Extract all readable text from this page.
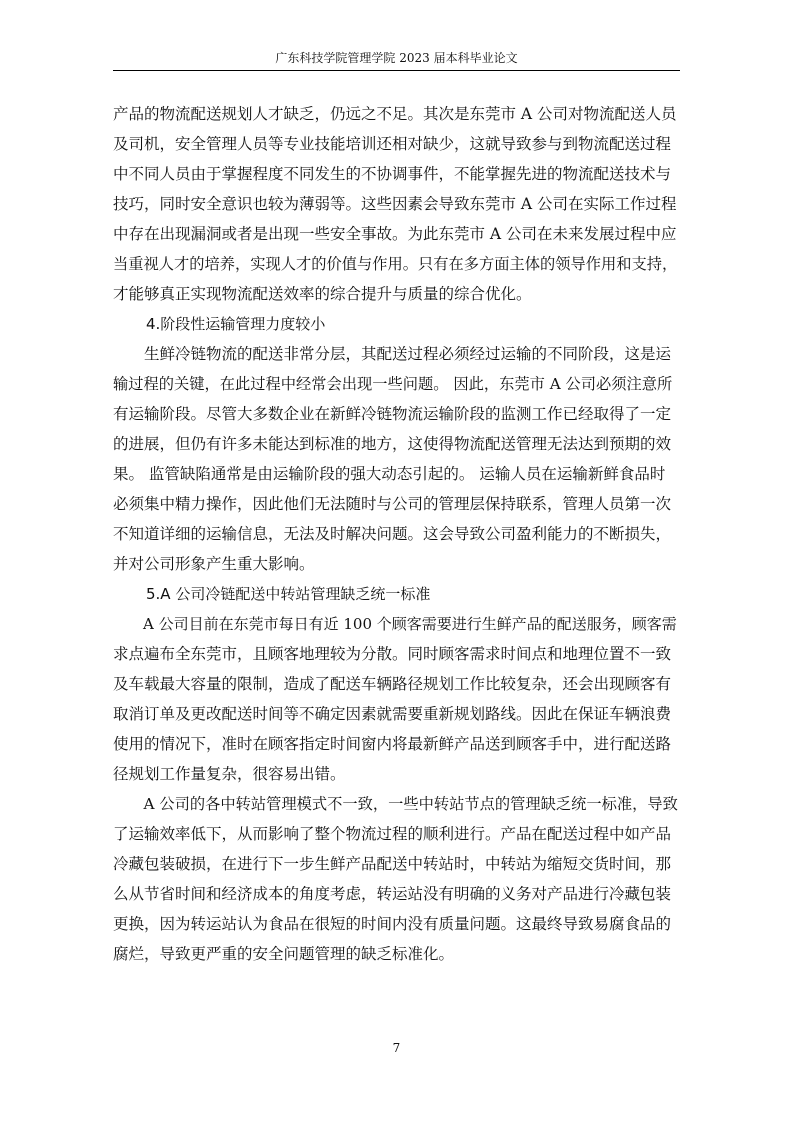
广东科技学院管理学院 2023 届本科毕业论文
产品的物流配送规划人才缺乏，仍远之不足。其次是东莞市 A 公司对物流配送人员
及司机，安全管理人员等专业技能培训还相对缺少，这就导致参与到物流配送过程
中不同人员由于掌握程度不同发生的不协调事件，不能掌握先进的物流配送技术与
技巧，同时安全意识也较为薄弱等。这些因素会导致东莞市 A 公司在实际工作过程
中存在出现漏洞或者是出现一些安全事故。为此东莞市 A 公司在未来发展过程中应
当重视人才的培养，实现人才的价值与作用。只有在多方面主体的领导作用和支持，
才能够真正实现物流配送效率的综合提升与质量的综合优化。
4.阶段性运输管理力度较小
　　生鲜冷链物流的配送非常分层，其配送过程必须经过运输的不同阶段，这是运
输过程的关键，在此过程中经常会出现一些问题。 因此，东莞市 A 公司必须注意所
有运输阶段。尽管大多数企业在新鲜冷链物流运输阶段的监测工作已经取得了一定
的进展，但仍有许多未能达到标准的地方，这使得物流配送管理无法达到预期的效
果。 监管缺陷通常是由运输阶段的强大动态引起的。 运输人员在运输新鲜食品时
必须集中精力操作，因此他们无法随时与公司的管理层保持联系，管理人员第一次
不知道详细的运输信息，无法及时解决问题。这会导致公司盈利能力的不断损失，
并对公司形象产生重大影响。
5.A 公司冷链配送中转站管理缺乏统一标准
　　A 公司目前在东莞市每日有近 100 个顾客需要进行生鲜产品的配送服务，顾客需
求点遍布全东莞市，且顾客地理较为分散。同时顾客需求时间点和地理位置不一致
及车载最大容量的限制，造成了配送车辆路径规划工作比较复杂，还会出现顾客有
取消订单及更改配送时间等不确定因素就需要重新规划路线。因此在保证车辆浪费
使用的情况下，准时在顾客指定时间窗内将最新鲜产品送到顾客手中，进行配送路
径规划工作量复杂，很容易出错。
　　A 公司的各中转站管理模式不一致，一些中转站节点的管理缺乏统一标准，导致
了运输效率低下，从而影响了整个物流过程的顺利进行。产品在配送过程中如产品
冷藏包装破损，在进行下一步生鲜产品配送中转站时，中转站为缩短交货时间，那
么从节省时间和经济成本的角度考虑，转运站没有明确的义务对产品进行冷藏包装
更换，因为转运站认为食品在很短的时间内没有质量问题。这最终导致易腐食品的
腐烂，导致更严重的安全问题管理的缺乏标准化。
7
